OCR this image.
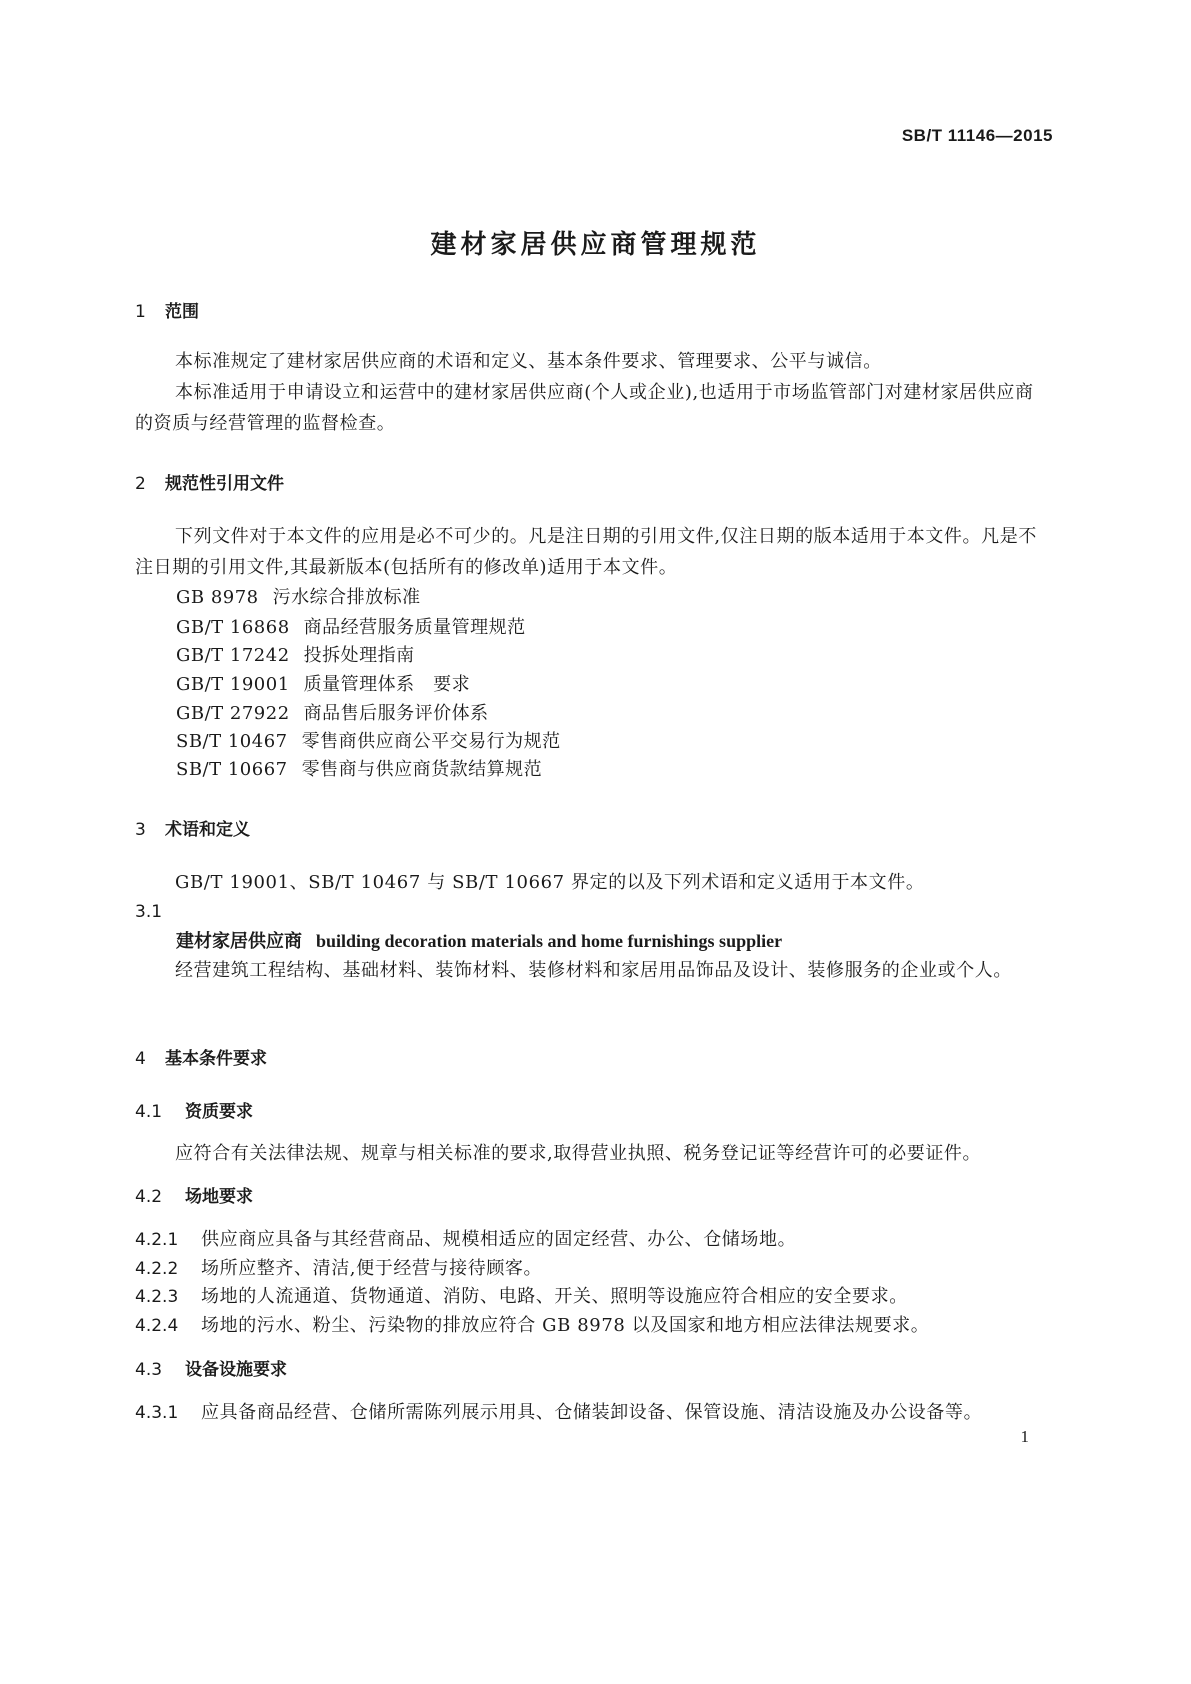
SB/T 11146—2015
建材家居供应商管理规范
1 范围
本标准规定了建材家居供应商的术语和定义、基本条件要求、管理要求、公平与诚信。
本标准适用于申请设立和运营中的建材家居供应商(个人或企业),也适用于市场监管部门对建材家居供应商的资质与经营管理的监督检查。
2 规范性引用文件
下列文件对于本文件的应用是必不可少的。凡是注日期的引用文件,仅注日期的版本适用于本文件。凡是不注日期的引用文件,其最新版本(包括所有的修改单)适用于本文件。
GB 8978 污水综合排放标准
GB/T 16868 商品经营服务质量管理规范
GB/T 17242 投拆处理指南
GB/T 19001 质量管理体系　要求
GB/T 27922 商品售后服务评价体系
SB/T 10467 零售商供应商公平交易行为规范
SB/T 10667 零售商与供应商货款结算规范
3 术语和定义
GB/T 19001、SB/T 10467 与 SB/T 10667 界定的以及下列术语和定义适用于本文件。
3.1
建材家居供应商 building decoration materials and home furnishings supplier
经营建筑工程结构、基础材料、装饰材料、装修材料和家居用品饰品及设计、装修服务的企业或个人。
4 基本条件要求
4.1 资质要求
应符合有关法律法规、规章与相关标准的要求,取得营业执照、税务登记证等经营许可的必要证件。
4.2 场地要求
4.2.1 供应商应具备与其经营商品、规模相适应的固定经营、办公、仓储场地。
4.2.2 场所应整齐、清洁,便于经营与接待顾客。
4.2.3 场地的人流通道、货物通道、消防、电路、开关、照明等设施应符合相应的安全要求。
4.2.4 场地的污水、粉尘、污染物的排放应符合 GB 8978 以及国家和地方相应法律法规要求。
4.3 设备设施要求
4.3.1 应具备商品经营、仓储所需陈列展示用具、仓储装卸设备、保管设施、清洁设施及办公设备等。
1
